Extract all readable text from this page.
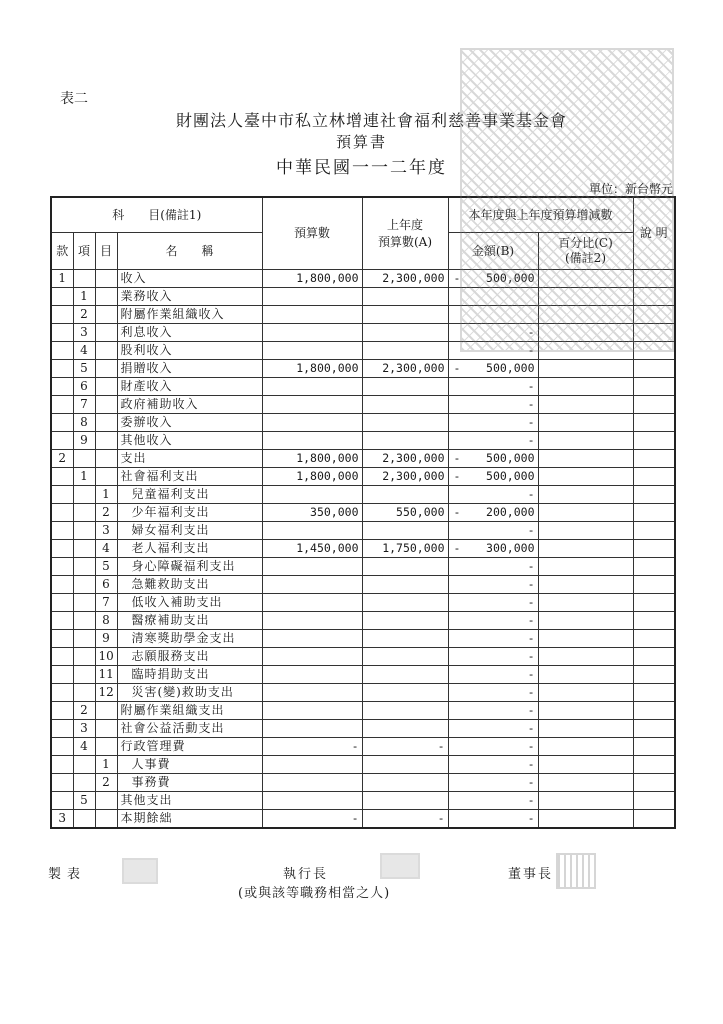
表二
財團法人臺中市私立林增連社會福利慈善事業基金會
預算書
中華民國一一二年度
單位：新台幣元
科　　目(備註1)				預算數	上年度
預算數(A)	本年度與上年度預算增減數		說 明
款	項	目	名　　稱			金額(B)	百分比(C)
(備註2)	

1			收入	1,800,000	2,300,000	- 500,000		
	1		業務收入			

	2		附屬作業組織收入			

	3		利息收入			-		
	4		股利收入			-		
	5		捐贈收入	1,800,000	2,300,000	- 500,000		
	6		財產收入			-		
	7		政府補助收入			-		
	8		委辦收入			-		
	9		其他收入			-		
2			支出	1,800,000	2,300,000	- 500,000		
	1		社會福利支出	1,800,000	2,300,000	- 500,000		
		1	兒童福利支出			-		
		2	少年福利支出	350,000	550,000	- 200,000		
		3	婦女福利支出			-		
		4	老人福利支出	1,450,000	1,750,000	- 300,000		
		5	身心障礙福利支出			-		
		6	急難救助支出			-		
		7	低收入補助支出			-		
		8	醫療補助支出			-		
		9	清寒獎助學金支出			-		
		10	志願服務支出			-		
		11	臨時捐助支出			-		
		12	災害(變)救助支出			-		
	2		附屬作業組織支出			-		
	3		社會公益活動支出			-		
	4		行政管理費	-	-	-		
		1	人事費			-		
		2	事務費			-		
	5		其他支出			-		
3			本期餘絀	-	-	-		
製表	執行長
(或與該等職務相當之人)
董事長
